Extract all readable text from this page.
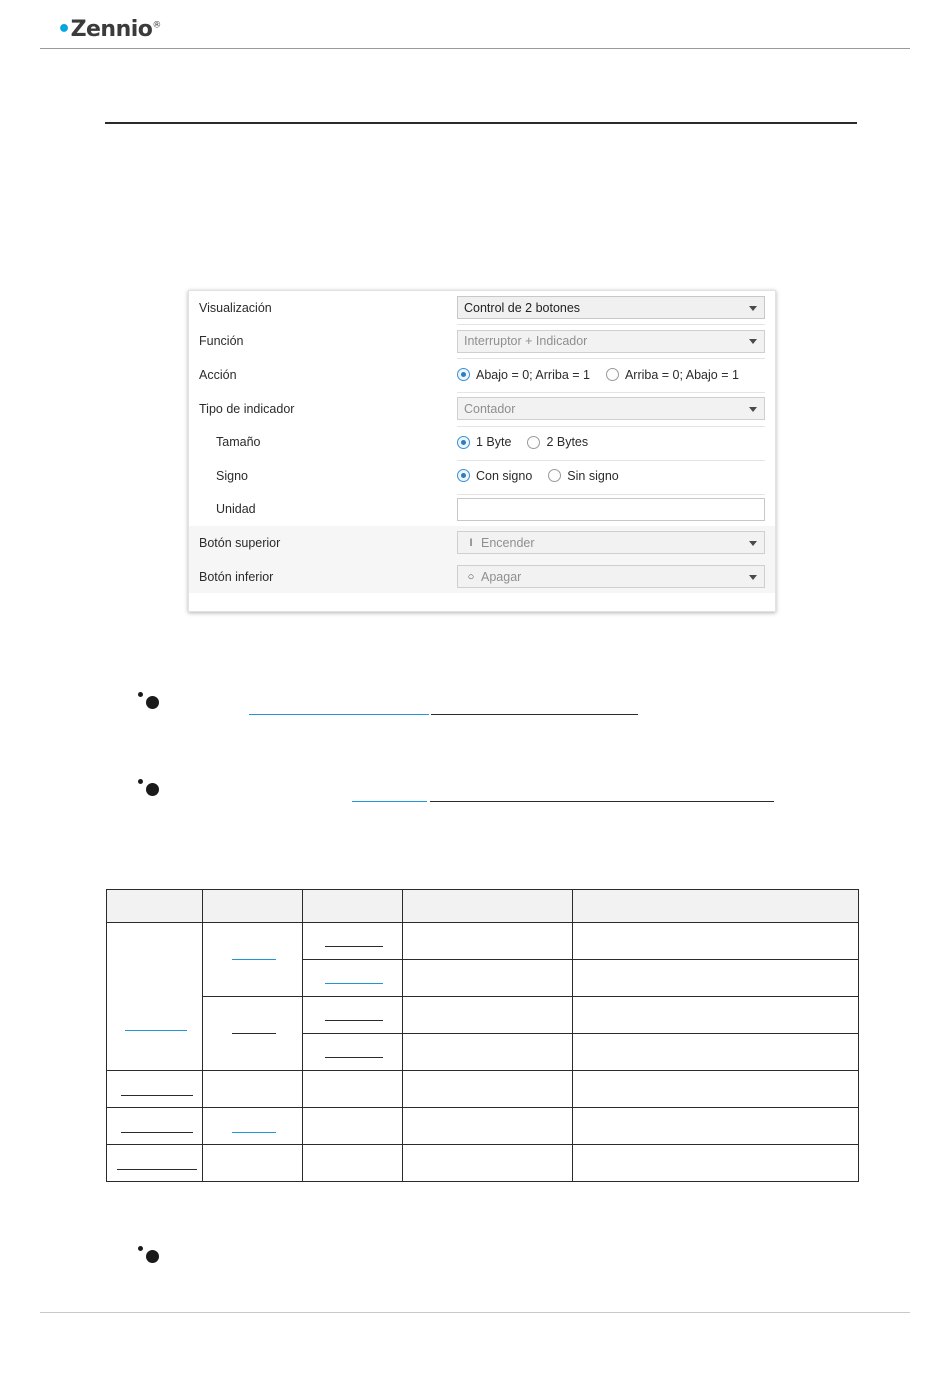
•Zennio®
Visualización	Control de 2 botones
Función	Interruptor + Indicador
Acción	Abajo = 0; Arriba = 1	Arriba = 0; Abajo = 1
Tipo de indicador	Contador
Tamaño	1 Byte	2 Bytes
Signo	Con signo	Sin signo
Unidad
Botón superior	I Encender
Botón inferior	○ Apagar
